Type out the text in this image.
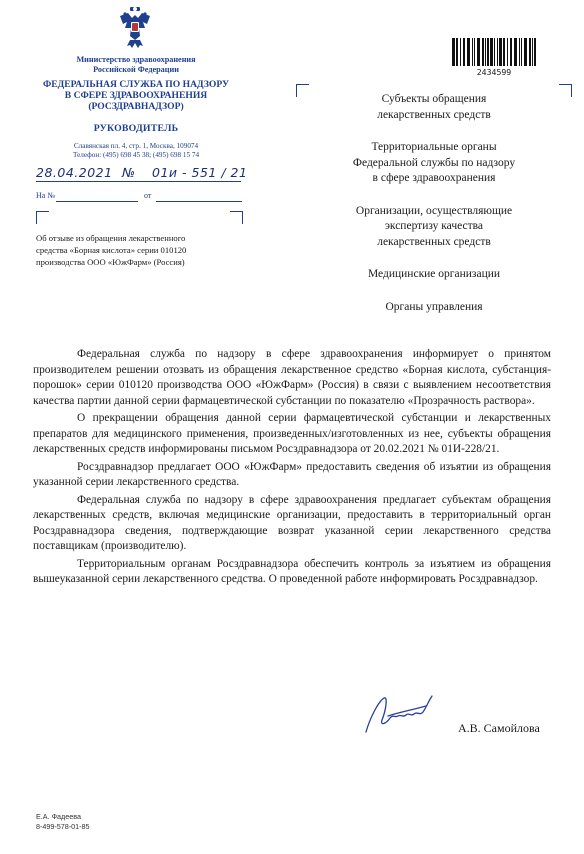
Министерство здравоохранения
Российской Федерации
ФЕДЕРАЛЬНАЯ СЛУЖБА ПО НАДЗОРУ
В СФЕРЕ ЗДРАВООХРАНЕНИЯ
(РОСЗДРАВНАДЗОР)
РУКОВОДИТЕЛЬ
Славянская пл. 4, стр. 1, Москва, 109074
Телефон: (495) 698 45 38; (495) 698 15 74
28.04.2021 № 01и - 551 / 21
На №	от
Об отзыве из обращения лекарственного
средства «Борная кислота» серии 010120
производства ООО «ЮжФарм» (Россия)
2434599
Субъекты обращения
лекарственных средств
Территориальные органы
Федеральной службы по надзору
в сфере здравоохранения
Организации, осуществляющие
экспертизу качества
лекарственных средств
Медицинские организации
Органы управления

Федеральная служба по надзору в сфере здравоохранения информирует о принятом производителем решении отозвать из обращения лекарственное средство «Борная кислота, субстанция-порошок» серии 010120 производства ООО «ЮжФарм» (Россия) в связи с выявлением несоответствия качества партии данной серии фармацевтической субстанции по показателю «Прозрачность раствора».

О прекращении обращения данной серии фармацевтической субстанции и лекарственных препаратов для медицинского применения, произведенных/изготовленных из нее, субъекты обращения лекарственных средств информированы письмом Росздравнадзора от 20.02.2021 № 01И-228/21.

Росздравнадзор предлагает ООО «ЮжФарм» предоставить сведения об изъятии из обращения указанной серии лекарственного средства.

Федеральная служба по надзору в сфере здравоохранения предлагает субъектам обращения лекарственных средств, включая медицинские организации, предоставить в территориальный орган Росздравнадзора сведения, подтверждающие возврат указанной серии лекарственного средства поставщикам (производителю).

Территориальным органам Росздравнадзора обеспечить контроль за изъятием из обращения вышеуказанной серии лекарственного средства. О проведенной работе информировать Росздравнадзор.

А.В. Самойлова
Е.А. Фадеева
8-499-578-01-85
